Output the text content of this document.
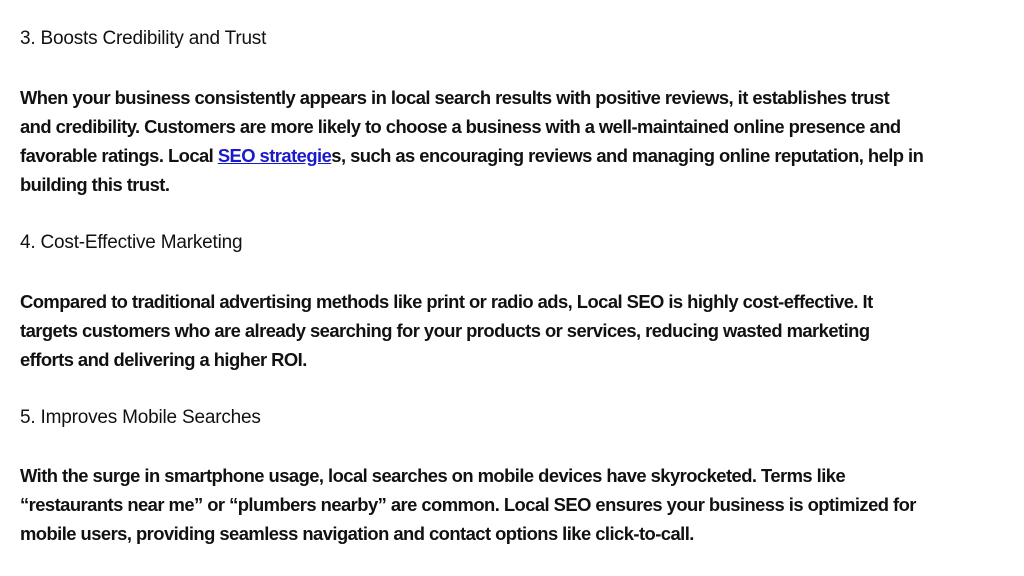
3. Boosts Credibility and Trust

When your business consistently appears in local search results with positive reviews, it establishes trust
and credibility. Customers are more likely to choose a business with a well-maintained online presence and
favorable ratings. Local SEO strategies, such as encouraging reviews and managing online reputation, help in
building this trust.

4. Cost-Effective Marketing

Compared to traditional advertising methods like print or radio ads, Local SEO is highly cost-effective. It
targets customers who are already searching for your products or services, reducing wasted marketing
efforts and delivering a higher ROI.

5. Improves Mobile Searches

With the surge in smartphone usage, local searches on mobile devices have skyrocketed. Terms like
“restaurants near me” or “plumbers nearby” are common. Local SEO ensures your business is optimized for
mobile users, providing seamless navigation and contact options like click-to-call.
